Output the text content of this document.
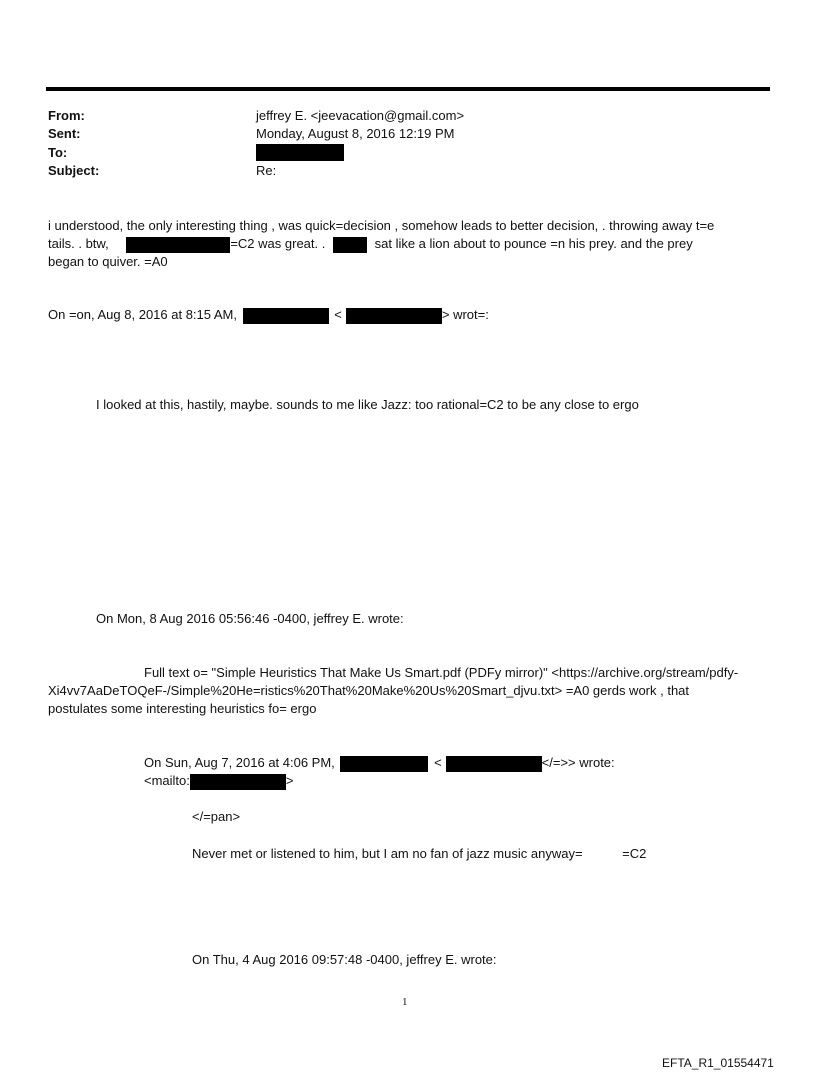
From:	jeffrey E. <jeevacation@gmail.com>
Sent:	Monday, August 8, 2016 12:19 PM
To:
Subject:	Re:
i understood, the only interesting thing , was quick=decision , somehow leads to better decision, . throwing away t=e
tails. . btw,	=C2 was great. .	sat like a lion about to pounce =n his prey. and the prey
began to quiver. =A0
On =on, Aug 8, 2016 at 8:15 AM,	<	> wrot=:
I looked at this, hastily, maybe. sounds to me like Jazz: too rational=C2 to be any close to ergo
On Mon, 8 Aug 2016 05:56:46 -0400, jeffrey E. wrote:
Full text o= "Simple Heuristics That Make Us Smart.pdf (PDFy mirror)" <https://archive.org/stream/pdfy-
Xi4vv7AaDeTOQeF-/Simple%20He=ristics%20That%20Make%20Us%20Smart_djvu.txt> =A0 gerds work , that
postulates some interesting heuristics fo= ergo
On Sun, Aug 7, 2016 at 4:06 PM,	<	</=>> wrote:
<mailto:	>
</=pan>
Never met or listened to him, but I am no fan of jazz music anyway=	=C2
On Thu, 4 Aug 2016 09:57:48 -0400, jeffrey E. wrote:
1
EFTA_R1_01554471
